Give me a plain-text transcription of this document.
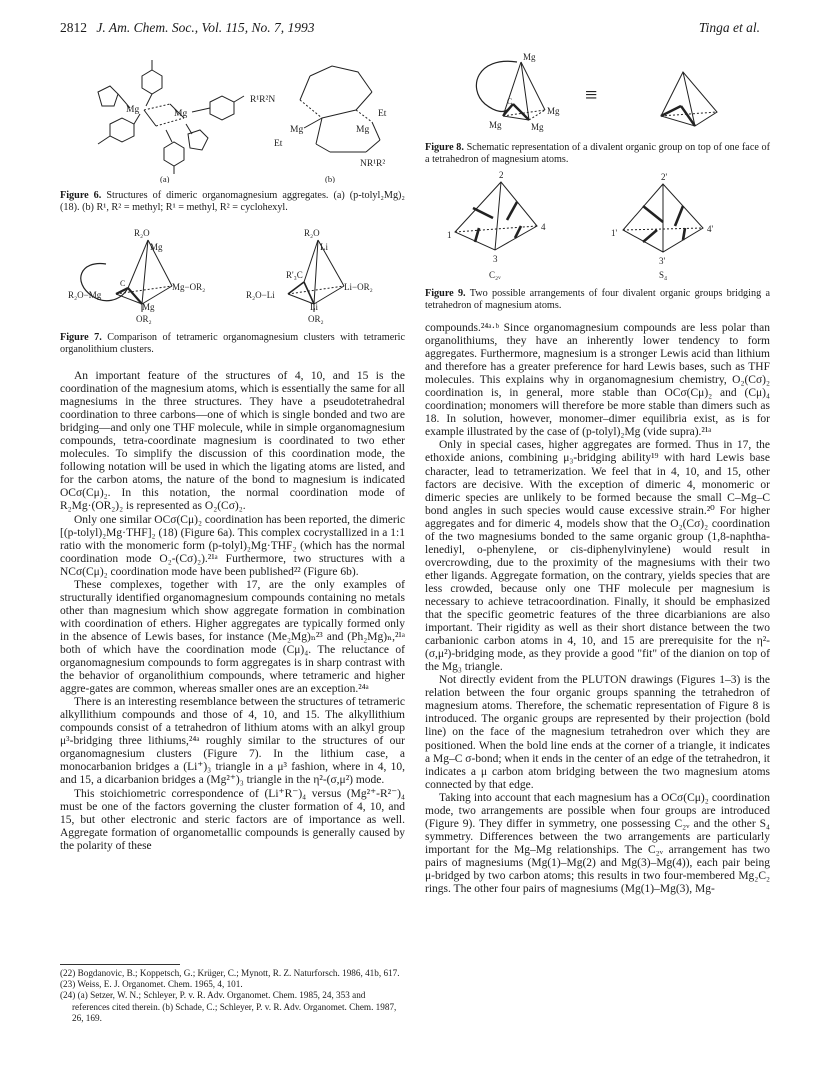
2812 J. Am. Chem. Soc., Vol. 115, No. 7, 1993	Tinga et al.
Mg	Mg
R¹R²N
Mg	Mg
Et
Et
NR¹R²
(a)	(b)
Figure 6. Structures of dimeric organomagnesium aggregates. (a) (p-tolyl₂Mg)₂ (18). (b) R¹, R² = methyl; R¹ = methyl, R² = cyclohexyl.
R₂O
Mg
C
R₂O−Mg
Mg−OR₂
Mg
OR₂
R₂O
Li
R'₃C
R₂O−Li
Li−OR₂
Li
OR₂
Figure 7. Comparison of tetrameric organomagnesium clusters with tetrameric organolithium clusters.

An important feature of the structures of 4, 10, and 15 is the coordination of the magnesium atoms, which is essentially the same for all magnesiums in the three structures. They have a pseudotetrahedral coordination to three carbons—one of which is single bonded and two are bridging—and only one THF molecule, while in simple organomagnesium compounds, tetra-coordinate magnesium is coordinated to two ether molecules. To simplify the discussion of this coordination mode, the following notation will be used in which the ligating atoms are listed, and for the carbon atoms, the nature of the bond to magnesium is indicated OCσ(Cμ)₂. In this notation, the normal coordination mode of R₂Mg·(OR₂)₂ is represented as O₂(Cσ)₂.

Only one similar OCσ(Cμ)₂ coordination has been reported, the dimeric [(p-tolyl)₂Mg·THF]₂ (18) (Figure 6a). This complex cocrystallized in a 1:1 ratio with the monomeric form (p-tolyl)₂Mg·THF₂ (which has the normal coordination mode O₂-(Cσ)₂).²¹ᵃ Furthermore, two structures with a NCσ(Cμ)₂ coordination mode have been published²² (Figure 6b).

These complexes, together with 17, are the only examples of structurally identified organomagnesium compounds containing no metals other than magnesium which show aggregate formation in combination with coordination of ethers. Higher aggregates are typically formed only in the absence of Lewis bases, for instance (Me₂Mg)ₙ²³ and (Ph₂Mg)ₙ,²¹ᵃ both of which have the coordination mode (Cμ)₄. The reluctance of organomagnesium compounds to form aggregates is in sharp contrast with the behavior of organolithium compounds, where tetrameric and higher aggre-gates are common, whereas smaller ones are an exception.²⁴ᵃ

There is an interesting resemblance between the structures of tetrameric alkyllithium compounds and those of 4, 10, and 15. The alkyllithium compounds consist of a tetrahedron of lithium atoms with an alkyl group μ³-bridging three lithiums,²⁴ᵃ roughly similar to the structures of our organomagnesium clusters (Figure 7). In the lithium case, a monocarbanion bridges a (Li⁺)₃ triangle in a μ³ fashion, where in 4, 10, and 15, a dicarbanion bridges a (Mg²⁺)₃ triangle in the η²-(σ,μ²) mode.

This stoichiometric correspondence of (Li⁺R⁻)₄ versus (Mg²⁺-R²⁻)₄ must be one of the factors governing the cluster formation of 4, 10, and 15, but other electronic and steric factors are of importance as well. Aggregate formation of organometallic compounds is generally caused by the polarity of these

(22) Bogdanovic, B.; Koppetsch, G.; Krüger, C.; Mynott, R. Z. Naturforsch. 1986, 41b, 617.

(23) Weiss, E. J. Organomet. Chem. 1965, 4, 101.

(24) (a) Setzer, W. N.; Schleyer, P. v. R. Adv. Organomet. Chem. 1985, 24, 353 and references cited therein. (b) Schade, C.; Schleyer, P. v. R. Adv. Organomet. Chem. 1987, 26, 169.

Mg
C
Mg
Mg
Mg
≡
Figure 8. Schematic representation of a divalent organic group on top of one face of a tetrahedron of magnesium atoms.
2
1
4
3
C₂ᵥ
2'
1'	4'
3'
S₄
Figure 9. Two possible arrangements of four divalent organic groups bridging a tetrahedron of magnesium atoms.

compounds.²⁴ᵃ·ᵇ Since organomagnesium compounds are less polar than organolithiums, they have an inherently lower tendency to form aggregates. Furthermore, magnesium is a stronger Lewis acid than lithium and therefore has a greater preference for hard Lewis bases, such as THF molecules. This explains why in organomagnesium chemistry, O₂(Cσ)₂ coordination is, in general, more stable than OCσ(Cμ)₂ and (Cμ)₄ coordination; monomers will therefore be more stable than dimers such as 18. In solution, however, monomer–dimer equilibria exist, as is for example illustrated by the case of (p-tolyl)₂Mg (vide supra).²¹ᵃ

Only in special cases, higher aggregates are formed. Thus in 17, the ethoxide anions, combining μ₃-bridging ability¹⁹ with hard Lewis base character, lead to tetramerization. We feel that in 4, 10, and 15, other factors are decisive. With the exception of dimeric 4, monomeric or dimeric species are unlikely to be formed because the small C–Mg–C bond angles in such species would cause excessive strain.²⁰ For higher aggregates and for dimeric 4, models show that the O₂(Cσ)₂ coordination of the two magnesiums bonded to the same organic group (1,8-naphtha-lenediyl, o-phenylene, or cis-diphenylvinylene) would result in overcrowding, due to the proximity of the magnesiums with their two ether ligands. Aggregate formation, on the contrary, yields species that are less crowded, because only one THF molecule per magnesium is necessary to achieve tetracoordination. Finally, it should be emphasized that the specific geometric features of the three dicarbianions are also important. Their rigidity as well as their short distance between the two carbanionic carbon atoms in 4, 10, and 15 are prerequisite for the η²-(σ,μ²)-bridging mode, as they provide a good "fit" of the dianion on top of the Mg₃ triangle.

Not directly evident from the PLUTON drawings (Figures 1–3) is the relation between the four organic groups spanning the tetrahedron of magnesium atoms. Therefore, the schematic representation of Figure 8 is introduced. The organic groups are represented by their projection (bold line) on the face of the magnesium tetrahedron over which they are positioned. When the bold line ends at the corner of a triangle, it indicates a Mg–C σ-bond; when it ends in the center of an edge of the tetrahedron, it indicates a μ carbon atom bridging between the two magnesium atoms connected by that edge.

Taking into account that each magnesium has a OCσ(Cμ)₂ coordination mode, two arrangements are possible when four groups are introduced (Figure 9). They differ in symmetry, one possessing C₂ᵥ and the other S₄ symmetry. Differences between the two arrangements are particularly important for the Mg–Mg relationships. The C₂ᵥ arrangement has two pairs of magnesiums (Mg(1)–Mg(2) and Mg(3)–Mg(4)), each pair being μ-bridged by two carbon atoms; this results in two four-membered Mg₂C₂ rings. The other four pairs of magnesiums (Mg(1)–Mg(3), Mg-
